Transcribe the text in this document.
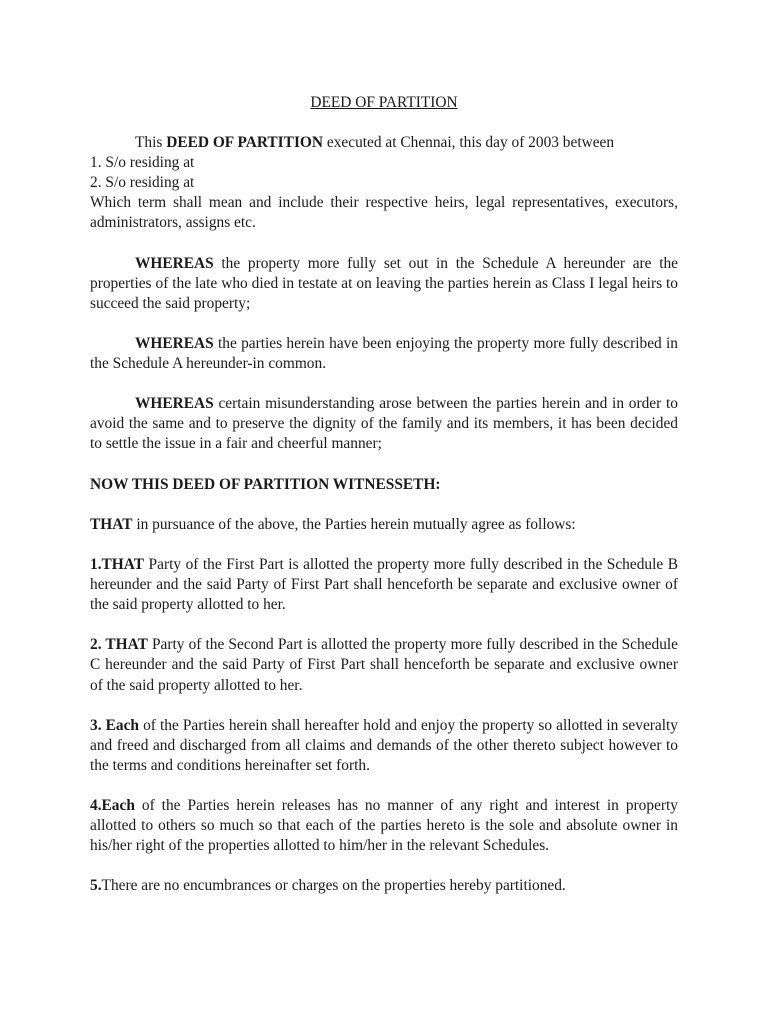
DEED OF PARTITION

This DEED OF PARTITION executed at Chennai, this day of 2003 between

1. S/o residing at

2. S/o residing at

Which term shall mean and include their respective heirs, legal representatives, executors, administrators, assigns etc.

WHEREAS the property more fully set out in the Schedule A hereunder are the properties of the late who died in testate at on leaving the parties herein as Class I legal heirs to succeed the said property;

WHEREAS the parties herein have been enjoying the property more fully described in the Schedule A hereunder-in common.

WHEREAS certain misunderstanding arose between the parties herein and in order to avoid the same and to preserve the dignity of the family and its members, it has been decided to settle the issue in a fair and cheerful manner;

NOW THIS DEED OF PARTITION WITNESSETH:

THAT in pursuance of the above, the Parties herein mutually agree as follows:

1.THAT Party of the First Part is allotted the property more fully described in the Schedule B hereunder and the said Party of First Part shall henceforth be separate and exclusive owner of the said property allotted to her.

2. THAT Party of the Second Part is allotted the property more fully described in the Schedule C hereunder and the said Party of First Part shall henceforth be separate and exclusive owner of the said property allotted to her.

3. Each of the Parties herein shall hereafter hold and enjoy the property so allotted in severalty and freed and discharged from all claims and demands of the other thereto subject however to the terms and conditions hereinafter set forth.

4.Each of the Parties herein releases has no manner of any right and interest in property allotted to others so much so that each of the parties hereto is the sole and absolute owner in his/her right of the properties allotted to him/her in the relevant Schedules.

5.There are no encumbrances or charges on the properties hereby partitioned.
